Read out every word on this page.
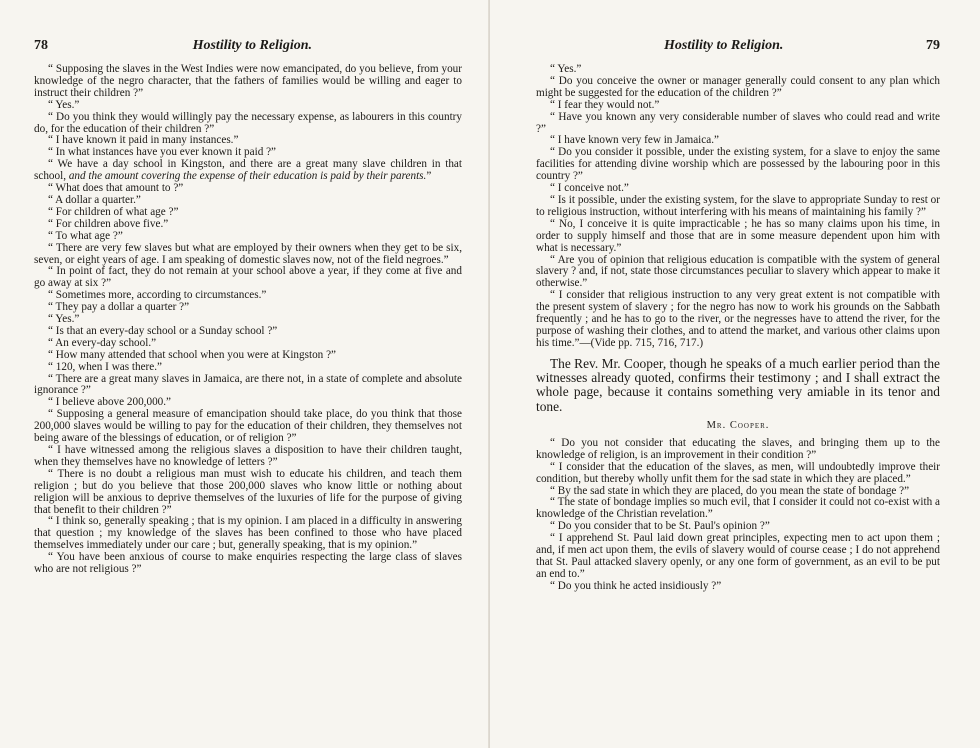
78	Hostility to Religion.

“ Supposing the slaves in the West Indies were now emancipated, do you believe, from your knowledge of the negro character, that the fathers of families would be willing and eager to instruct their children ?”

“ Yes.”

“ Do you think they would willingly pay the necessary expense, as labourers in this country do, for the education of their children ?”

“ I have known it paid in many instances.”

“ In what instances have you ever known it paid ?”

“ We have a day school in Kingston, and there are a great many slave children in that school, and the amount covering the expense of their education is paid by their parents.”

“ What does that amount to ?”

“ A dollar a quarter.”

“ For children of what age ?”

“ For children above five.”

“ To what age ?”

“ There are very few slaves but what are employed by their owners when they get to be six, seven, or eight years of age. I am speaking of domestic slaves now, not of the field negroes.”

“ In point of fact, they do not remain at your school above a year, if they come at five and go away at six ?”

“ Sometimes more, according to circumstances.”

“ They pay a dollar a quarter ?”

“ Yes.”

“ Is that an every-day school or a Sunday school ?”

“ An every-day school.”

“ How many attended that school when you were at Kingston ?”

“ 120, when I was there.”

“ There are a great many slaves in Jamaica, are there not, in a state of complete and absolute ignorance ?”

“ I believe above 200,000.”

“ Supposing a general measure of emancipation should take place, do you think that those 200,000 slaves would be willing to pay for the education of their children, they themselves not being aware of the blessings of education, or of religion ?”

“ I have witnessed among the religious slaves a disposition to have their children taught, when they themselves have no knowledge of letters ?”

“ There is no doubt a religious man must wish to educate his children, and teach them religion ; but do you believe that those 200,000 slaves who know little or nothing about religion will be anxious to deprive themselves of the luxuries of life for the purpose of giving that benefit to their children ?”

“ I think so, generally speaking ; that is my opinion. I am placed in a difficulty in answering that question ; my knowledge of the slaves has been confined to those who have placed themselves immediately under our care ; but, generally speaking, that is my opinion.”

“ You have been anxious of course to make enquiries respecting the large class of slaves who are not religious ?”

Hostility to Religion.	79

“ Yes.”

“ Do you conceive the owner or manager generally could consent to any plan which might be suggested for the education of the children ?”

“ I fear they would not.”

“ Have you known any very considerable number of slaves who could read and write ?”

“ I have known very few in Jamaica.”

“ Do you consider it possible, under the existing system, for a slave to enjoy the same facilities for attending divine worship which are possessed by the labouring poor in this country ?”

“ I conceive not.”

“ Is it possible, under the existing system, for the slave to appropriate Sunday to rest or to religious instruction, without interfering with his means of maintaining his family ?”

“ No, I conceive it is quite impracticable ; he has so many claims upon his time, in order to supply himself and those that are in some measure dependent upon him with what is necessary.”

“ Are you of opinion that religious education is compatible with the system of general slavery ? and, if not, state those circumstances peculiar to slavery which appear to make it otherwise.”

“ I consider that religious instruction to any very great extent is not compatible with the present system of slavery ; for the negro has now to work his grounds on the Sabbath frequently ; and he has to go to the river, or the negresses have to attend the river, for the purpose of washing their clothes, and to attend the market, and various other claims upon his time.”—(Vide pp. 715, 716, 717.)

The Rev. Mr. Cooper, though he speaks of a much earlier period than the witnesses already quoted, confirms their testimony ; and I shall extract the whole page, because it contains something very amiable in its tenor and tone.

Mr. Cooper.

“ Do you not consider that educating the slaves, and bringing them up to the knowledge of religion, is an improvement in their condition ?”

“ I consider that the education of the slaves, as men, will undoubtedly improve their condition, but thereby wholly unfit them for the sad state in which they are placed.”

“ By the sad state in which they are placed, do you mean the state of bondage ?”

“ The state of bondage implies so much evil, that I consider it could not co-exist with a knowledge of the Christian revelation.”

“ Do you consider that to be St. Paul's opinion ?”

“ I apprehend St. Paul laid down great principles, expecting men to act upon them ; and, if men act upon them, the evils of slavery would of course cease ; I do not apprehend that St. Paul attacked slavery openly, or any one form of government, as an evil to be put an end to.”

“ Do you think he acted insidiously ?”
